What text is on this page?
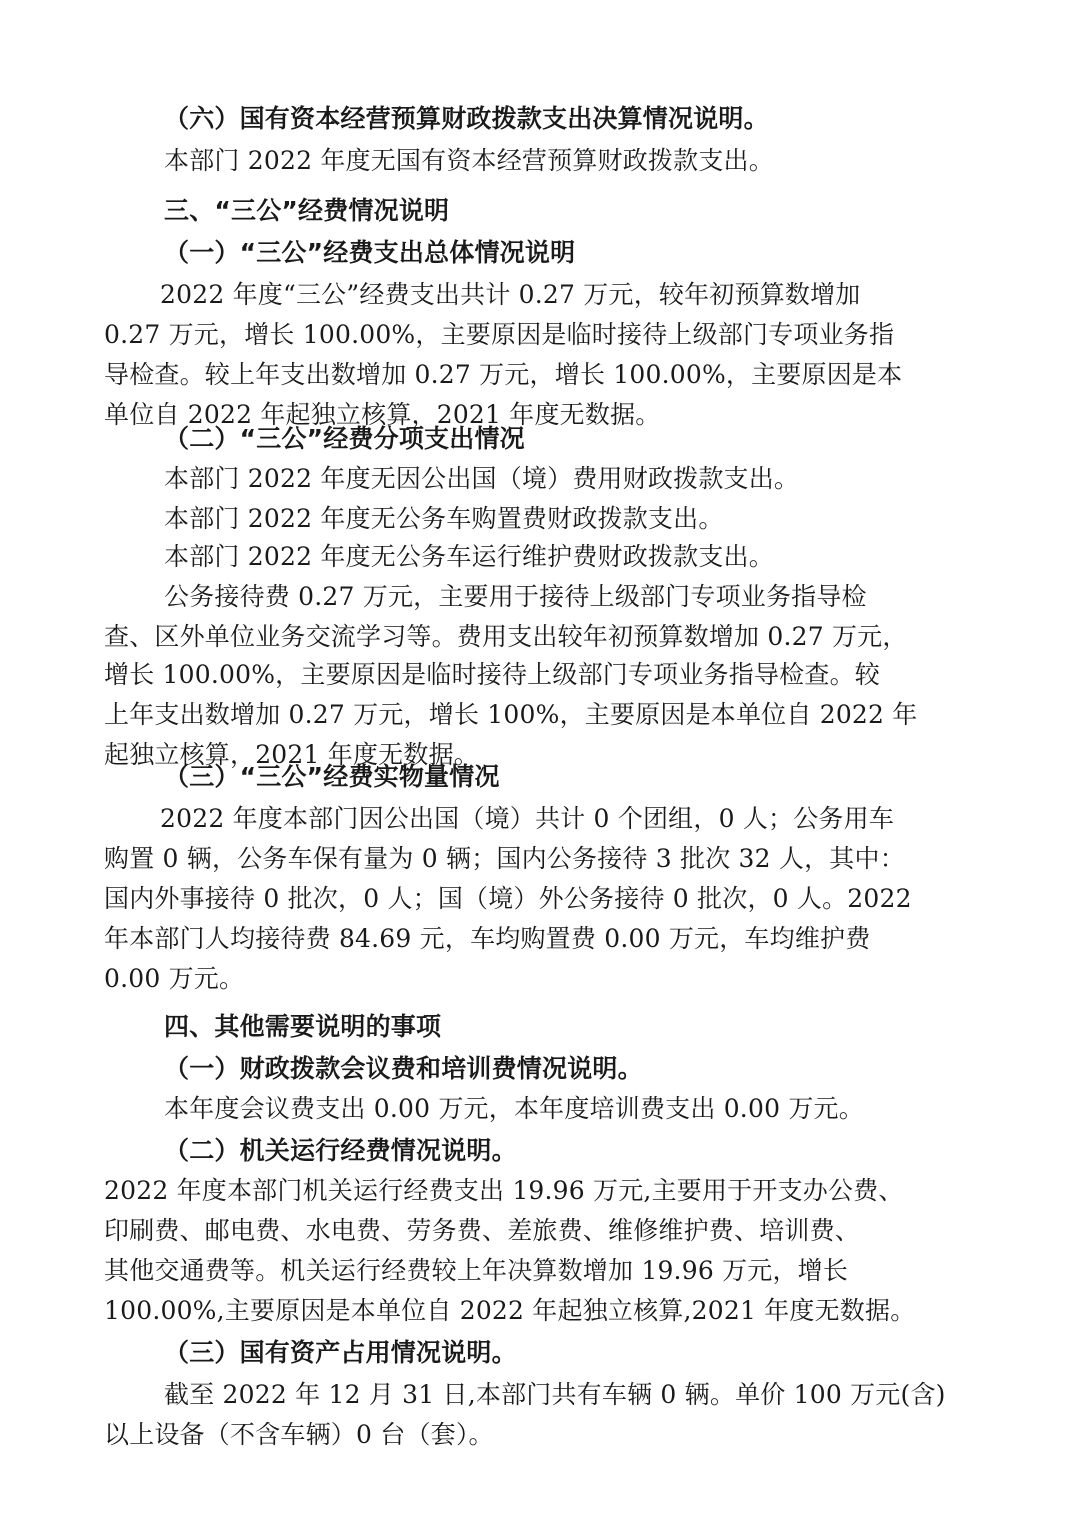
（六）国有资本经营预算财政拨款支出决算情况说明。
本部门 2022 年度无国有资本经营预算财政拨款支出。
三、“三公”经费情况说明
（一）“三公”经费支出总体情况说明
2022 年度“三公”经费支出共计 0.27 万元，较年初预算数增加
0.27 万元，增长 100.00%，主要原因是临时接待上级部门专项业务指
导检查。较上年支出数增加 0.27 万元，增长 100.00%，主要原因是本
单位自 2022 年起独立核算，2021 年度无数据。
（二）“三公”经费分项支出情况
本部门 2022 年度无因公出国（境）费用财政拨款支出。
本部门 2022 年度无公务车购置费财政拨款支出。
本部门 2022 年度无公务车运行维护费财政拨款支出。
公务接待费 0.27 万元，主要用于接待上级部门专项业务指导检
查、区外单位业务交流学习等。费用支出较年初预算数增加 0.27 万元，
增长 100.00%，主要原因是临时接待上级部门专项业务指导检查。较
上年支出数增加 0.27 万元，增长 100%，主要原因是本单位自 2022 年
起独立核算，2021 年度无数据。
（三）“三公”经费实物量情况
2022 年度本部门因公出国（境）共计 0 个团组，0 人；公务用车
购置 0 辆，公务车保有量为 0 辆；国内公务接待 3 批次 32 人，其中：
国内外事接待 0 批次，0 人；国（境）外公务接待 0 批次，0 人。2022
年本部门人均接待费 84.69 元，车均购置费 0.00 万元，车均维护费
0.00 万元。
四、其他需要说明的事项
（一）财政拨款会议费和培训费情况说明。
本年度会议费支出 0.00 万元，本年度培训费支出 0.00 万元。
（二）机关运行经费情况说明。
2022 年度本部门机关运行经费支出 19.96 万元,主要用于开支办公费、
印刷费、邮电费、水电费、劳务费、差旅费、维修维护费、培训费、
其他交通费等。机关运行经费较上年决算数增加 19.96 万元，增长
100.00%,主要原因是本单位自 2022 年起独立核算,2021 年度无数据。
（三）国有资产占用情况说明。
截至 2022 年 12 月 31 日,本部门共有车辆 0 辆。单价 100 万元(含)
以上设备（不含车辆）0 台（套）。
